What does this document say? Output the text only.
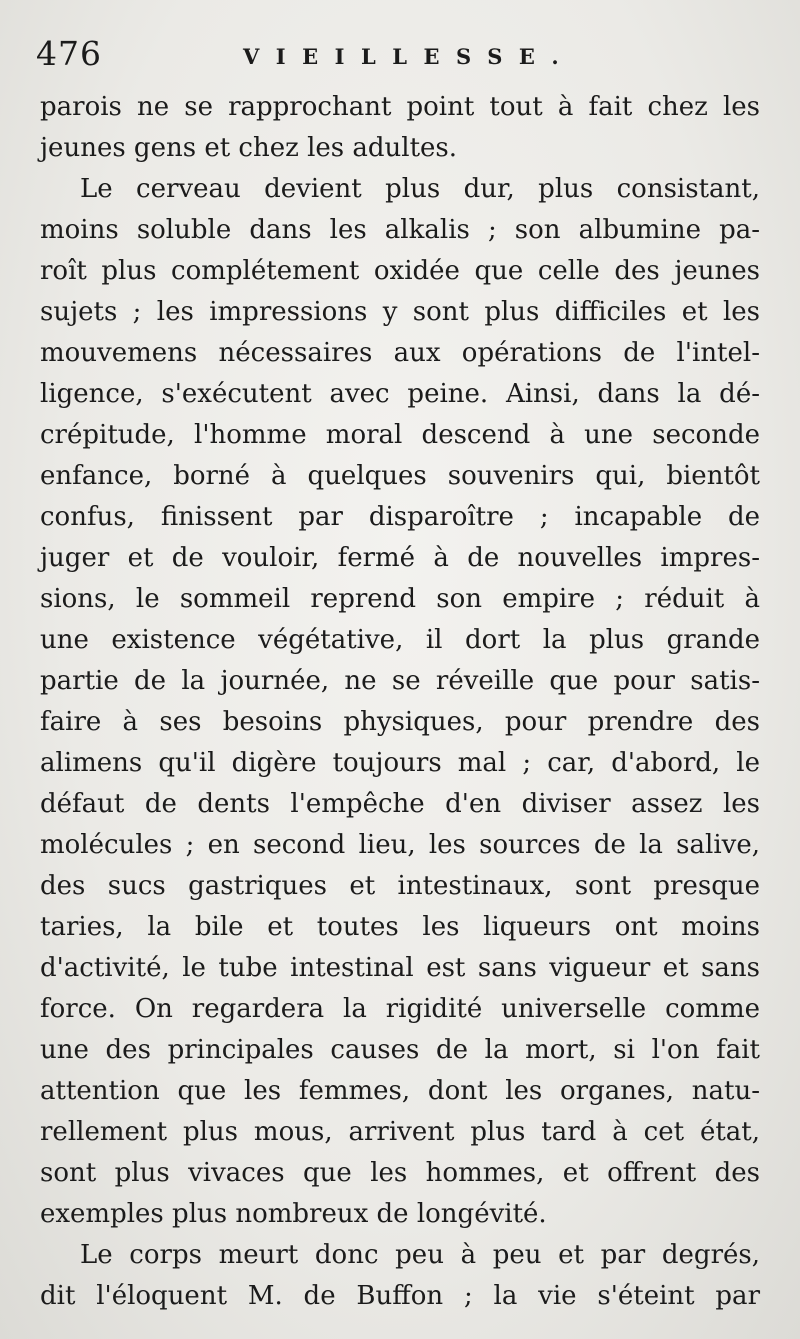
476	VIEILLESSE.
parois ne se rapprochant point tout à fait chez les
jeunes gens et chez les adultes.
Le cerveau devient plus dur, plus consistant,
moins soluble dans les alkalis ; son albumine pa-
roît plus complétement oxidée que celle des jeunes
sujets ; les impressions y sont plus difficiles et les
mouvemens nécessaires aux opérations de l'intel-
ligence, s'exécutent avec peine. Ainsi, dans la dé-
crépitude, l'homme moral descend à une seconde
enfance, borné à quelques souvenirs qui, bientôt
confus, finissent par disparoître ; incapable de
juger et de vouloir, fermé à de nouvelles impres-
sions, le sommeil reprend son empire ; réduit à
une existence végétative, il dort la plus grande
partie de la journée, ne se réveille que pour satis-
faire à ses besoins physiques, pour prendre des
alimens qu'il digère toujours mal ; car, d'abord, le
défaut de dents l'empêche d'en diviser assez les
molécules ; en second lieu, les sources de la salive,
des sucs gastriques et intestinaux, sont presque
taries, la bile et toutes les liqueurs ont moins
d'activité, le tube intestinal est sans vigueur et sans
force. On regardera la rigidité universelle comme
une des principales causes de la mort, si l'on fait
attention que les femmes, dont les organes, natu-
rellement plus mous, arrivent plus tard à cet état,
sont plus vivaces que les hommes, et offrent des
exemples plus nombreux de longévité.
Le corps meurt donc peu à peu et par degrés,
dit l'éloquent M. de Buffon ; la vie s'éteint par
